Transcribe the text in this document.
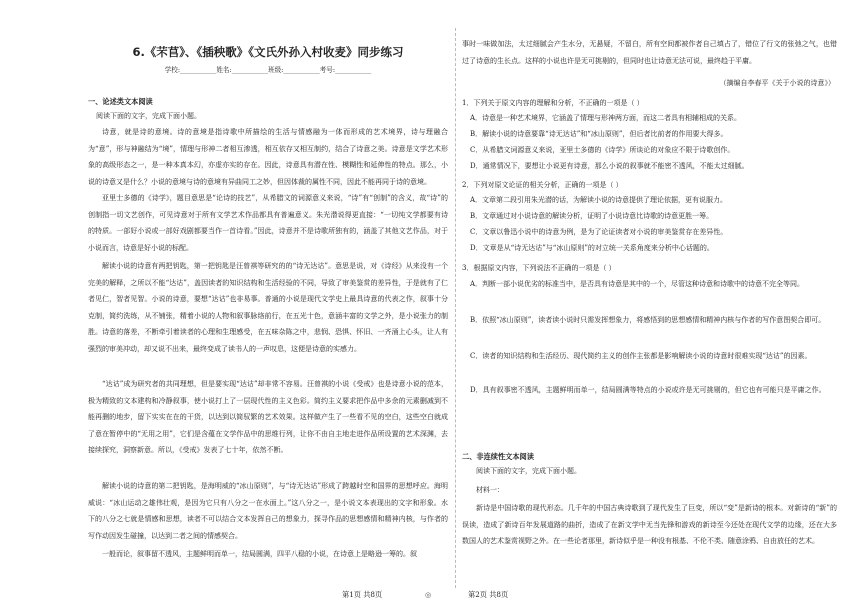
6.《芣苢》、《插秧歌》《文氏外孙入村收麦》同步练习
学校:___________姓名:___________班级:___________考号:___________
一、论述类文本阅读
阅读下面的文字，完成下面小题。
诗意，就是诗的意境。诗的意境是指诗歌中所描绘的生活与情感融为一体而形成的艺术境界，诗与理融合为“意”，形与神融结为“境”，情理与形神二者相互渗透，相互依存又相互制约，结合了诗意之美。诗意是文学艺术形象的高级形态之一，是一种本真本幻，亦虚亦实的存在。因此，诗意具有潜在性、模糊性和延伸性的特点。那么，小说的诗意又是什么？小说的意境与诗的意境有异曲同工之妙，但因体裁的属性不同，因此不能再同于诗的意境。
亚里士多德的《诗学》，题目意思是“论诗的技艺”，从希腊文的词源意义来说，“诗”有“创制”的含义，故“诗”的创制指一切文艺创作，可见诗意对于所有文学艺术作品都具有普遍意义。朱光潜说得更直接：“一切纯文学都要有诗的特质。一部好小说或一部好戏剧都要当作一首诗看。”因此，诗意并不是诗歌所独有的，涵盖了其他文艺作品，对于小说而言，诗意是好小说的标配。
解读小说的诗意有两把钥匙，第一把钥匙是汪曾祺等研究的的“诗无达诂”。意思是说，对《诗经》从来没有一个完美的解释，之所以不能“达诂”，盖因读者的知识结构和生活经验的不同，导致了审美鉴赏的差异性，于是就有了仁者见仁，智者见智。小说的诗意，要想“达诂”也非易事。普通的小说是现代文学史上最具诗意的代表之作，叙事十分克制，简约洗练，从不铺张，精着小说的人物和叙事脉络前行，在五光十色，意涵丰富的文学之外，是小说张力的制胜。诗意的落差，不断牵引着读者的心理和生理感受，在五味杂陈之中，悲悯、恐惧、怀旧、一齐涌上心头，让人有强烈的审美冲动，却又说不出来，最终变成了读书人的一声叹息，这便是诗意的实感力。
“达诂”成为研究者的共同理想，但是要实现“达诂”却非常不容易。汪曾祺的小说《受戒》也是诗意小说的范本，极为精致的文本建构和冷静叙事，使小说打上了一层现代性的主义色彩。简约主义要求把作品中多余的元素删减到不能再删的地步，留下实实在在的干货，以达到以简驭繁的艺术效果。这样做产生了一些看不见的空白，这些空白就成了意在暂停中的“无用之用”，它们是含蕴在文学作品中的思维行列，让你不由自主地走进作品所设置的艺术深渊，去接续探究，洞察新意。所以，《受戒》发表了七十年，依然不断。
解读小说的诗意的第二把钥匙，是海明威的“冰山原则”，与“诗无达诂”形成了跨越时空和国界的思想呼应。海明威说：“冰山运动之雄伟壮观，是因为它只有八分之一在水面上。”这八分之一，是小说文本表现出的文字和形象。水下的八分之七就是情感和思想，读者不可以结合文本发挥自己的想象力，探寻作品的思想感情和精神内核，与作者的写作动因发生碰撞，以达到二者之间的情感契合。
一般而论，叙事留不透风，主题鲜明而单一，结局圆满，四平八稳的小说，在诗意上是略逊一筹的。叙
事时一味做加法，太过细腻会产生水分，无悬疑，不留白，所有空间都被作者自己填占了，错位了行文的张弛之气，也错过了诗意的生长点。这样的小说也许是无可挑剔的，但同时也让诗意无法可说，最终趋于平庸。
（摘编自李春平《关于小说的诗意》）
1．下列关于原文内容的理解和分析，不正确的一项是（ ）
A．诗意是一种艺术境界，它涵盖了情理与形神两方面，而这二者具有相辅相成的关系。
B．解读小说的诗意要靠“诗无达诂”和“冰山原则”，但后者比前者的作用要大得多。
C．从希腊文词源意义来说，亚里士多德的《诗学》所谈论的对象应不限于诗歌创作。
D．通常情况下，要想让小说更有诗意，那么小说的叙事就不能密不透风，不能太过细腻。
2．下列对原文论证的相关分析，正确的一项是（ ）
A．文章第二段引用朱光潜的话，为解读小说的诗意提供了理论依据，更有说服力。
B．文章通过对小说诗意的解读分析，证明了小说诗意比诗歌的诗意更胜一筹。
C．文章以鲁迅小说中的诗意为例，是为了论证读者对小说的审美鉴赏存在差异性。
D．文章是从“诗无达诂”与“冰山原则”的对立统一关系角度来分析中心话题的。
3．根据原文内容，下列说法不正确的一项是（ ）
A．判断一部小说优劣的标准当中，是否具有诗意是其中的一个，尽管这种诗意和诗歌中的诗意不完全等同。
B．依照“冰山原则”，读者读小说时只需发挥想象力，将感悟到的思想感情和精神内核与作者的写作意图契合即可。
C．读者的知识结构和生活经历、现代简约主义的创作主张都是影响解读小说的诗意时很难实现“达诂”的因素。
D．具有叙事密不透风，主题鲜明而单一，结局圆满等特点的小说或许是无可挑剔的，但它也有可能只是平庸之作。
二、非连续性文本阅读
阅读下面的文字，完成下面小题。
材料一：
新诗是中国诗歌的现代形态。几千年的中国古典诗歌到了现代发生了巨变，所以“变”是新诗的根本。对新诗的“新”的误读，造成了新诗百年发展道路的曲折，造成了在新文学中无当先锋和游戏的新诗至今还处在现代文学的边缘，还在大多数国人的艺术鉴赏视野之外。在一些论者那里，新诗似乎是一种没有根基、不伦不类、随意涂鸦、自由放任的艺术。
第1页 共8页	◎	第2页 共8页
